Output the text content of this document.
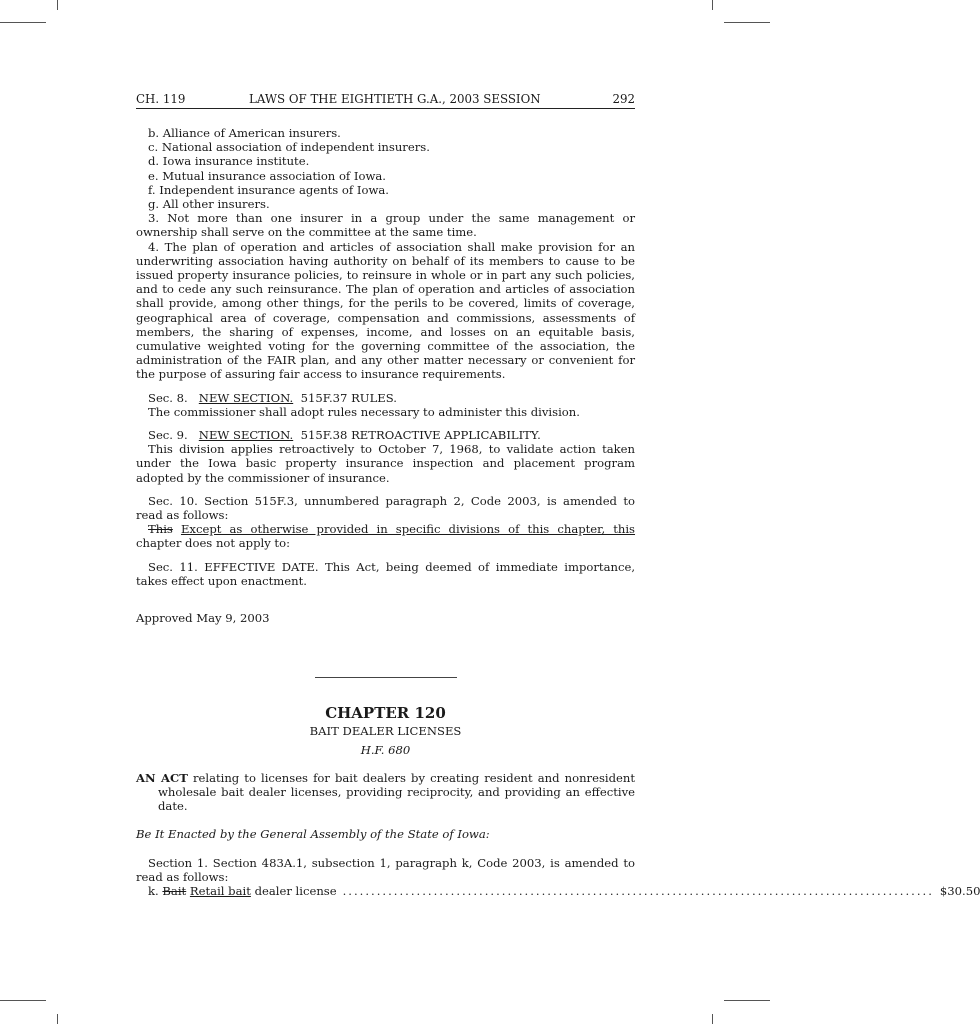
CH. 119	LAWS OF THE EIGHTIETH G.A., 2003 SESSION	292

b. Alliance of American insurers.

c. National association of independent insurers.

d. Iowa insurance institute.

e. Mutual insurance association of Iowa.

f. Independent insurance agents of Iowa.

g. All other insurers.

3. Not more than one insurer in a group under the same management or ownership shall serve on the committee at the same time.

4. The plan of operation and articles of association shall make provision for an underwriting association having authority on behalf of its members to cause to be issued property insurance policies, to reinsure in whole or in part any such policies, and to cede any such reinsurance. The plan of operation and articles of association shall provide, among other things, for the perils to be covered, limits of coverage, geographical area of coverage, compensation and commissions, assessments of members, the sharing of expenses, income, and losses on an equitable basis, cumulative weighted voting for the governing committee of the association, the administration of the FAIR plan, and any other matter necessary or convenient for the purpose of assuring fair access to insurance requirements.

Sec. 8. NEW SECTION. 515F.37 RULES.

The commissioner shall adopt rules necessary to administer this division.

Sec. 9. NEW SECTION. 515F.38 RETROACTIVE APPLICABILITY.

This division applies retroactively to October 7, 1968, to validate action taken under the Iowa basic property insurance inspection and placement program adopted by the commissioner of insurance.

Sec. 10. Section 515F.3, unnumbered paragraph 2, Code 2003, is amended to read as follows:

This Except as otherwise provided in specific divisions of this chapter, this chapter does not apply to:

Sec. 11. EFFECTIVE DATE. This Act, being deemed of immediate importance, takes effect upon enactment.

Approved May 9, 2003

CHAPTER 120
BAIT DEALER LICENSES
H.F. 680

AN ACT relating to licenses for bait dealers by creating resident and nonresident wholesale bait dealer licenses, providing reciprocity, and providing an effective date.

Be It Enacted by the General Assembly of the State of Iowa:

Section 1. Section 483A.1, subsection 1, paragraph k, Code 2003, is amended to read as follows:

k. Bait Retail bait dealer license ........................................................................................................ $ 30.50
